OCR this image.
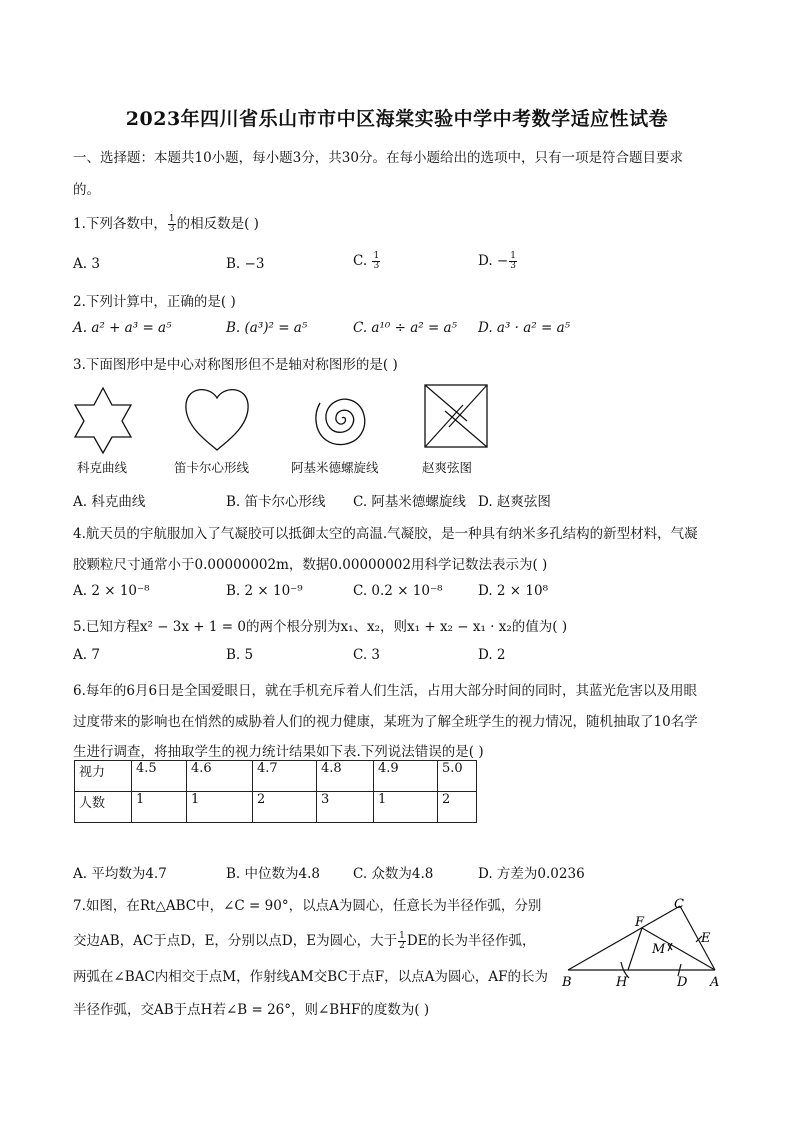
2023年四川省乐山市市中区海棠实验中学中考数学适应性试卷
一、选择题：本题共10小题，每小题3分，共30分。在每小题给出的选项中，只有一项是符合题目要求
的。
1.下列各数中， $\frac{1}{3}$ 的相反数是( )
A. 3	B. −3	C. $\frac{1}{3}$	D. − $\frac{1}{3}$
2.下列计算中，正确的是( )
A. a² + a³ = a⁵	B. (a³)² = a⁵	C. a¹⁰ ÷ a² = a⁵ D. a³ · a² = a⁵
3.下面图形中是中心对称图形但不是轴对称图形的是( )
科克曲线	笛卡尔心形线	阿基米德螺旋线	赵爽弦图
A. 科克曲线	B. 笛卡尔心形线 C. 阿基米德螺旋线 D. 赵爽弦图
4.航天员的宇航服加入了气凝胶可以抵御太空的高温.气凝胶，是一种具有纳米多孔结构的新型材料，气凝
胶颗粒尺寸通常小于0.00000002m，数据0.00000002用科学记数法表示为( )
A. 2 × 10⁻⁸	B. 2 × 10⁻⁹	C. 0.2 × 10⁻⁸	D. 2 × 10⁸
5.已知方程x² − 3x + 1 = 0的两个根分别为x₁、x₂，则x₁ + x₂ − x₁ · x₂的值为( )
A. 7	B. 5	C. 3	D. 2
6.每年的6月6日是全国爱眼日，就在手机充斥着人们生活，占用大部分时间的同时，其蓝光危害以及用眼
过度带来的影响也在悄然的威胁着人们的视力健康，某班为了解全班学生的视力情况，随机抽取了10名学
生进行调查，将抽取学生的视力统计结果如下表.下列说法错误的是( )
视力	4.5	4.6	4.7	4.8	4.9	5.0
人数	1	1	2	3	1	2
A. 平均数为4.7	B. 中位数为4.8 C. 众数为4.8	D. 方差为0.0236
7.如图，在Rt△ABC中，∠C = 90°，以点A为圆心，任意长为半径作弧，分别
交边AB，AC于点D，E，分别以点D，E为圆心，大于 $\frac{1}{2}$ DE的长为半径作弧，
两弧在∠BAC内相交于点M，作射线AM交BC于点F，以点A为圆心，AF的长为
半径作弧，交AB于点H若∠B = 26°，则∠BHF的度数为( )
C
F
E
M
B	H	D A
